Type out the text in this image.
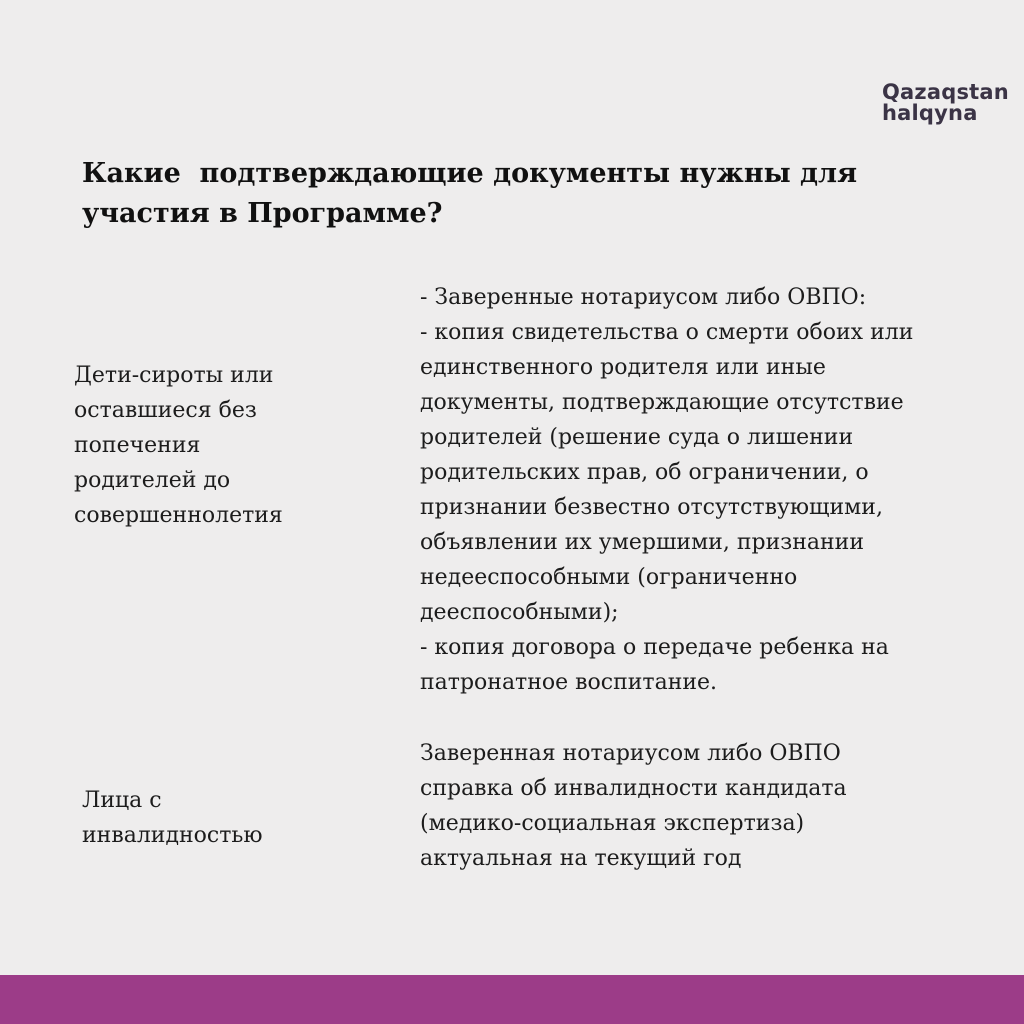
Qazaqstan
halqyna
Какие  подтверждающие документы нужны для
участия в Программе?

Дети-сироты или
оставшиеся без
попечения
родителей до
совершеннолетия

- Заверенные нотариусом либо ОВПО:
- копия свидетельства о смерти обоих или
единственного родителя или иные
документы, подтверждающие отсутствие
родителей (решение суда о лишении
родительских прав, об ограничении, о
признании безвестно отсутствующими,
объявлении их умершими, признании
недееспособными (ограниченно
дееспособными);
- копия договора о передаче ребенка на
патронатное воспитание.

Лица с
инвалидностью

Заверенная нотариусом либо ОВПО
справка об инвалидности кандидата
(медико-социальная экспертиза)
актуальная на текущий год
